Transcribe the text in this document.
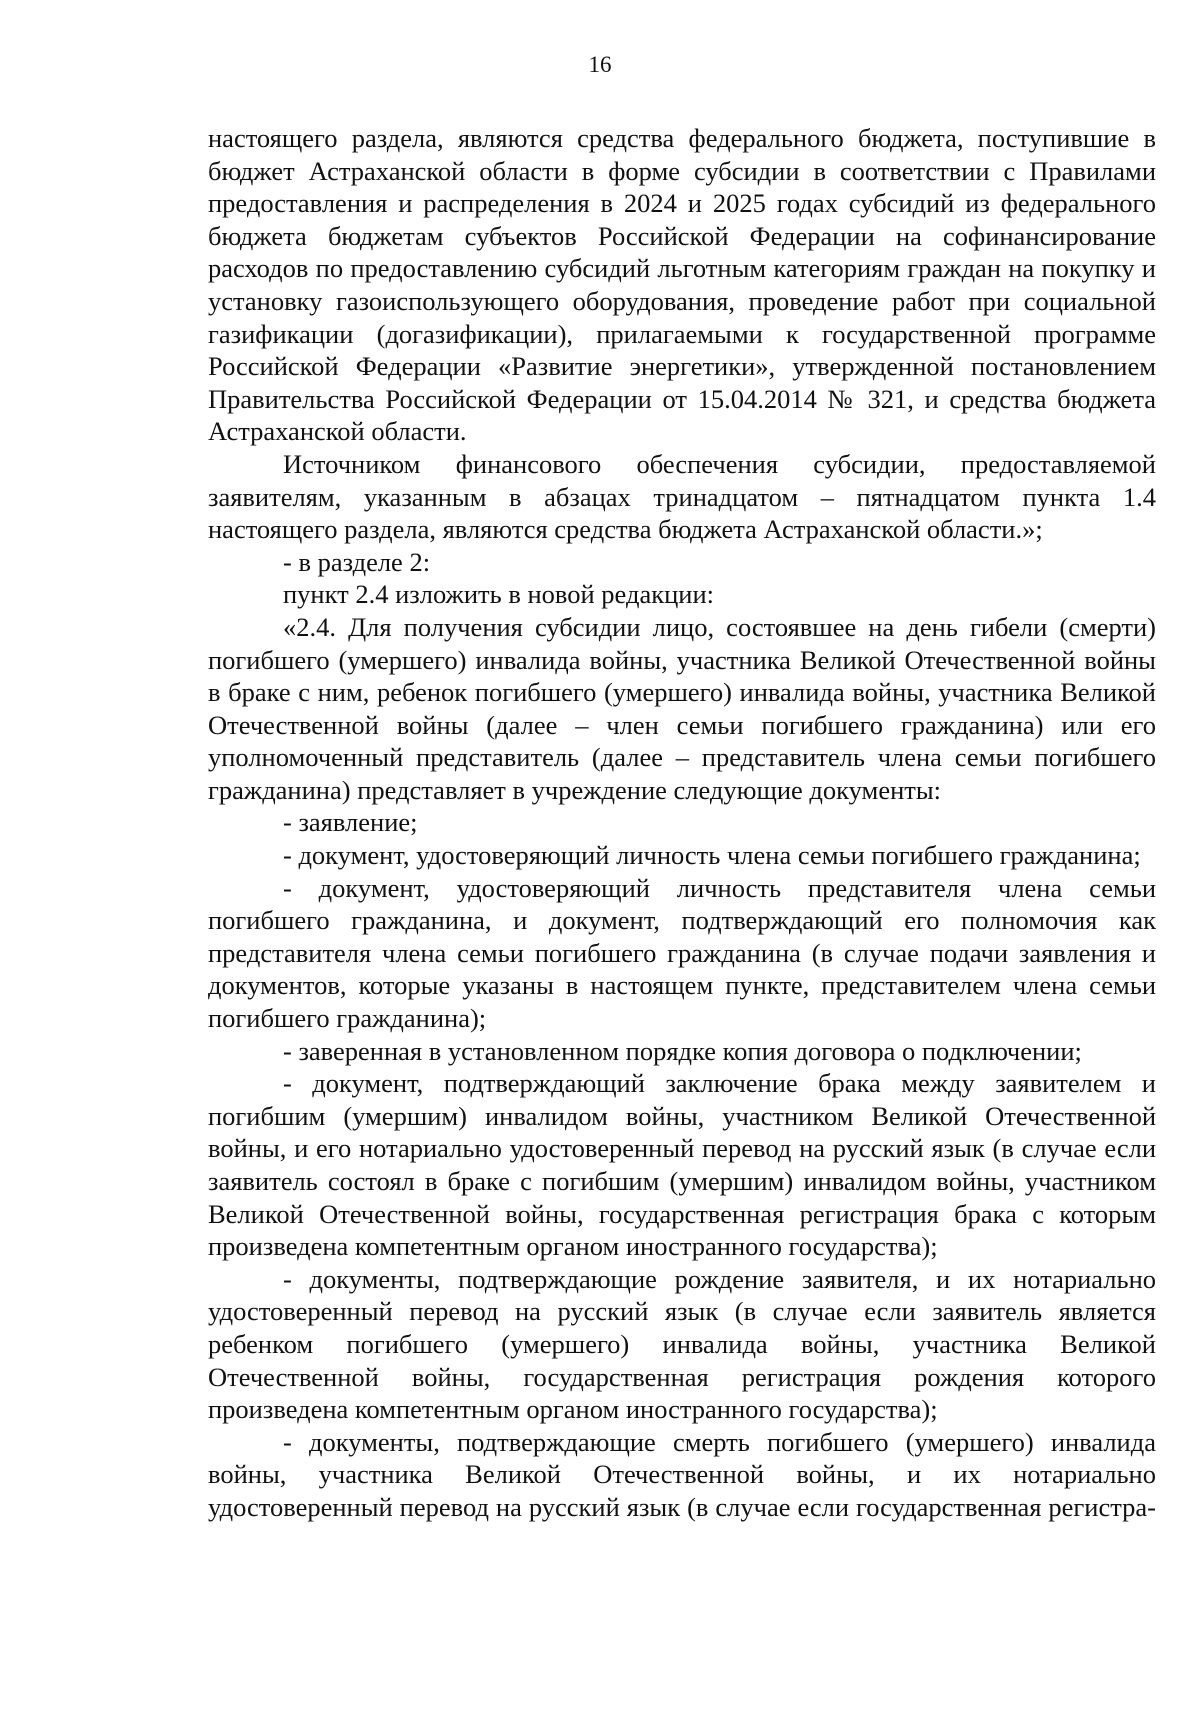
16

настоящего раздела, являются средства федерального бюджета, поступившие в бюджет Астраханской области в форме субсидии в соответствии с Правилами предоставления и распределения в 2024 и 2025 годах субсидий из федерального бюджета бюджетам субъектов Российской Федерации на софинансирование расходов по предоставлению субсидий льготным категориям граждан на покупку и установку газоиспользующего оборудования, проведение работ при социальной газификации (догазификации), прилагаемыми к государственной программе Российской Федерации «Развитие энергетики», утвержденной постановлением Правительства Российской Федерации от 15.04.2014 № 321, и средства бюджета Астраханской области.

Источником финансового обеспечения субсидии, предоставляемой заявителям, указанным в абзацах тринадцатом – пятнадцатом пункта 1.4 настоящего раздела, являются средства бюджета Астраханской области.»;

- в разделе 2:

пункт 2.4 изложить в новой редакции:

«2.4. Для получения субсидии лицо, состоявшее на день гибели (смерти) погибшего (умершего) инвалида войны, участника Великой Отечественной войны в браке с ним, ребенок погибшего (умершего) инвалида войны, участника Великой Отечественной войны (далее – член семьи погибшего гражданина) или его уполномоченный представитель (далее – представитель члена семьи погибшего гражданина) представляет в учреждение следующие документы:

- заявление;

- документ, удостоверяющий личность члена семьи погибшего гражданина;

- документ, удостоверяющий личность представителя члена семьи погибшего гражданина, и документ, подтверждающий его полномочия как представителя члена семьи погибшего гражданина (в случае подачи заявления и документов, которые указаны в настоящем пункте, представителем члена семьи погибшего гражданина);

- заверенная в установленном порядке копия договора о подключении;

- документ, подтверждающий заключение брака между заявителем и погибшим (умершим) инвалидом войны, участником Великой Отечественной войны, и его нотариально удостоверенный перевод на русский язык (в случае если заявитель состоял в браке с погибшим (умершим) инвалидом войны, участником Великой Отечественной войны, государственная регистрация брака с которым произведена компетентным органом иностранного государства);

- документы, подтверждающие рождение заявителя, и их нотариально удостоверенный перевод на русский язык (в случае если заявитель является ребенком погибшего (умершего) инвалида войны, участника Великой Отечественной войны, государственная регистрация рождения которого произведена компетентным органом иностранного государства);

- документы, подтверждающие смерть погибшего (умершего) инвалида войны, участника Великой Отечественной войны, и их нотариально удостоверенный перевод на русский язык (в случае если государственная регистра-
